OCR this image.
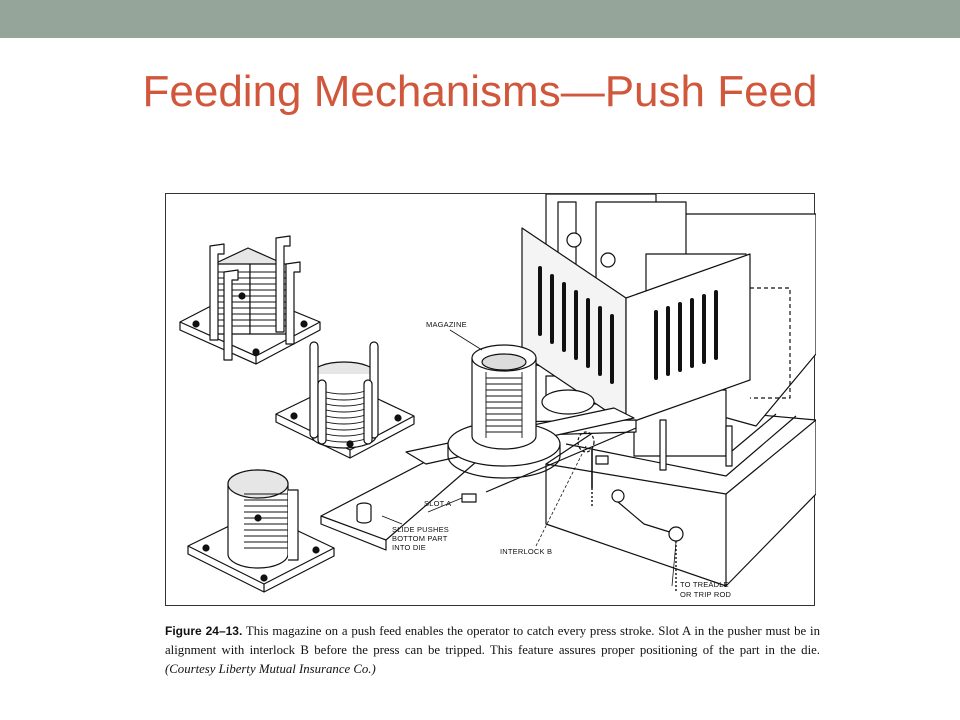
Feeding Mechanisms—Push Feed
MAGAZINE
SLOT A
SLIDE PUSHES
BOTTOM PART
INTO DIE	INTERLOCK B
TO TREADLE
OR TRIP ROD
Figure 24–13. This magazine on a push feed enables the operator to catch every press stroke. Slot A in the pusher must be in alignment with interlock B before the press can be tripped. This feature assures proper positioning of the part in the die. (Courtesy Liberty Mutual Insurance Co.)
